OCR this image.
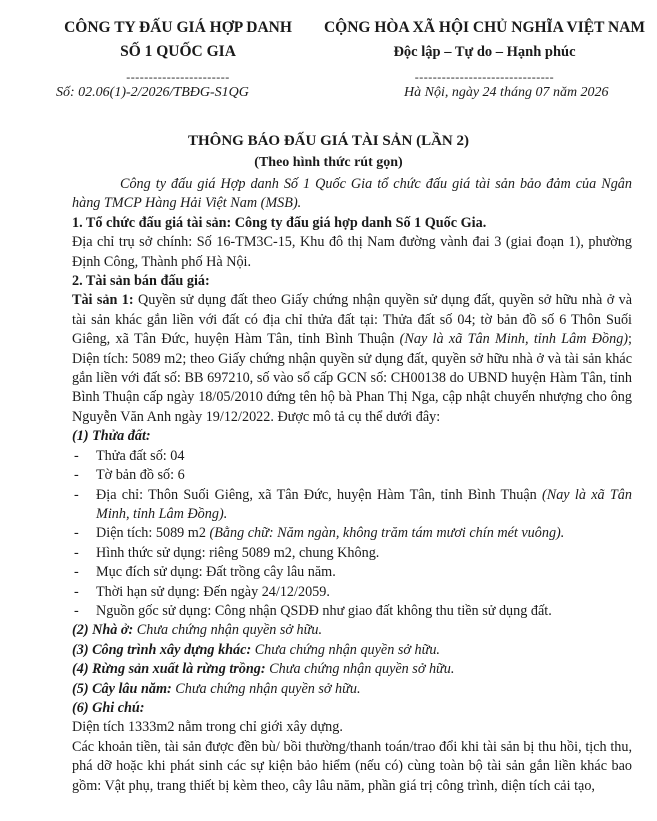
CÔNG TY ĐẤU GIÁ HỢP DANH
SỐ 1 QUỐC GIA
-----------------------
CỘNG HÒA XÃ HỘI CHỦ NGHĨA VIỆT NAM
Độc lập – Tự do – Hạnh phúc
-------------------------------
Số: 02.06(1)-2/2026/TBĐG-S1QG	Hà Nội, ngày 24 tháng 07 năm 2026
THÔNG BÁO ĐẤU GIÁ TÀI SẢN (LẦN 2)
(Theo hình thức rút gọn)

Công ty đấu giá Hợp danh Số 1 Quốc Gia tổ chức đấu giá tài sản bảo đảm của Ngân hàng TMCP Hàng Hải Việt Nam (MSB).

1. Tổ chức đấu giá tài sản: Công ty đấu giá hợp danh Số 1 Quốc Gia.

Địa chỉ trụ sở chính: Số 16-TM3C-15, Khu đô thị Nam đường vành đai 3 (giai đoạn 1), phường Định Công, Thành phố Hà Nội.

2. Tài sản bán đấu giá:

Tài sản 1: Quyền sử dụng đất theo Giấy chứng nhận quyền sử dụng đất, quyền sở hữu nhà ở và tài sản khác gắn liền với đất có địa chỉ thửa đất tại: Thửa đất số 04; tờ bản đồ số 6 Thôn Suối Giêng, xã Tân Đức, huyện Hàm Tân, tỉnh Bình Thuận (Nay là xã Tân Minh, tỉnh Lâm Đồng); Diện tích: 5089 m2; theo Giấy chứng nhận quyền sử dụng đất, quyền sở hữu nhà ở và tài sản khác gắn liền với đất số: BB 697210, số vào sổ cấp GCN số: CH00138 do UBND huyện Hàm Tân, tỉnh Bình Thuận cấp ngày 18/05/2010 đứng tên hộ bà Phan Thị Nga, cập nhật chuyển nhượng cho ông Nguyễn Văn Anh ngày 19/12/2022. Được mô tả cụ thể dưới đây:

(1) Thửa đất:

- Thửa đất số: 04

- Tờ bản đồ số: 6

- Địa chỉ: Thôn Suối Giêng, xã Tân Đức, huyện Hàm Tân, tỉnh Bình Thuận (Nay là xã Tân Minh, tỉnh Lâm Đồng).

- Diện tích: 5089 m2 (Bằng chữ: Năm ngàn, không trăm tám mươi chín mét vuông).

- Hình thức sử dụng: riêng 5089 m2, chung Không.

- Mục đích sử dụng: Đất trồng cây lâu năm.

- Thời hạn sử dụng: Đến ngày 24/12/2059.

- Nguồn gốc sử dụng: Công nhận QSDĐ như giao đất không thu tiền sử dụng đất.

(2) Nhà ở: Chưa chứng nhận quyền sở hữu.

(3) Công trình xây dựng khác: Chưa chứng nhận quyền sở hữu.

(4) Rừng sản xuất là rừng trồng: Chưa chứng nhận quyền sở hữu.

(5) Cây lâu năm: Chưa chứng nhận quyền sở hữu.

(6) Ghi chú:

Diện tích 1333m2 nằm trong chỉ giới xây dựng.

Các khoản tiền, tài sản được đền bù/ bồi thường/thanh toán/trao đổi khi tài sản bị thu hồi, tịch thu, phá dỡ hoặc khi phát sinh các sự kiện bảo hiểm (nếu có) cùng toàn bộ tài sản gắn liền khác bao gồm: Vật phụ, trang thiết bị kèm theo, cây lâu năm, phần giá trị công trình, diện tích cải tạo,
